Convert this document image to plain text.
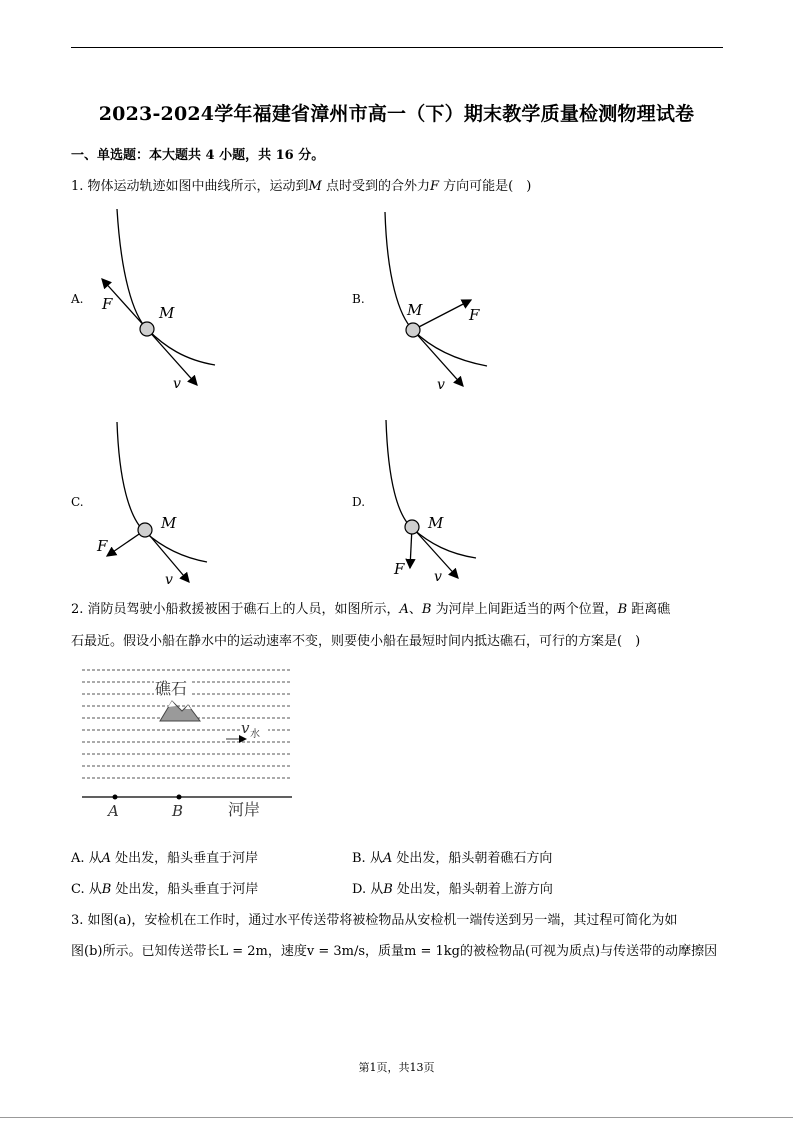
2023-2024学年福建省漳州市高一（下）期末教学质量检测物理试卷
一、单选题：本大题共 4 小题，共 16 分。
1. 物体运动轨迹如图中曲线所示，运动到𝑀 点时受到的合外力𝐹 方向可能是(　)
A.	B.
C.	D.
F	M
v
M	F
v
M
F
v
M
F v
2. 消防员驾驶小船救援被困于礁石上的人员，如图所示，𝐴、𝐵 为河岸上间距适当的两个位置，𝐵 距离礁
石最近。假设小船在静水中的运动速率不变，则要使小船在最短时间内抵达礁石，可行的方案是(　)
礁石
v 水
A	B	河岸
A. 从𝐴 处出发，船头垂直于河岸	B. 从𝐴 处出发，船头朝着礁石方向
C. 从𝐵 处出发，船头垂直于河岸	D. 从𝐵 处出发，船头朝着上游方向
3. 如图(a)，安检机在工作时，通过水平传送带将被检物品从安检机一端传送到另一端，其过程可简化为如
图(b)所示。已知传送带长L = 2m，速度v = 3m/s，质量m = 1kg的被检物品(可视为质点)与传送带的动摩擦因
第1页，共13页
